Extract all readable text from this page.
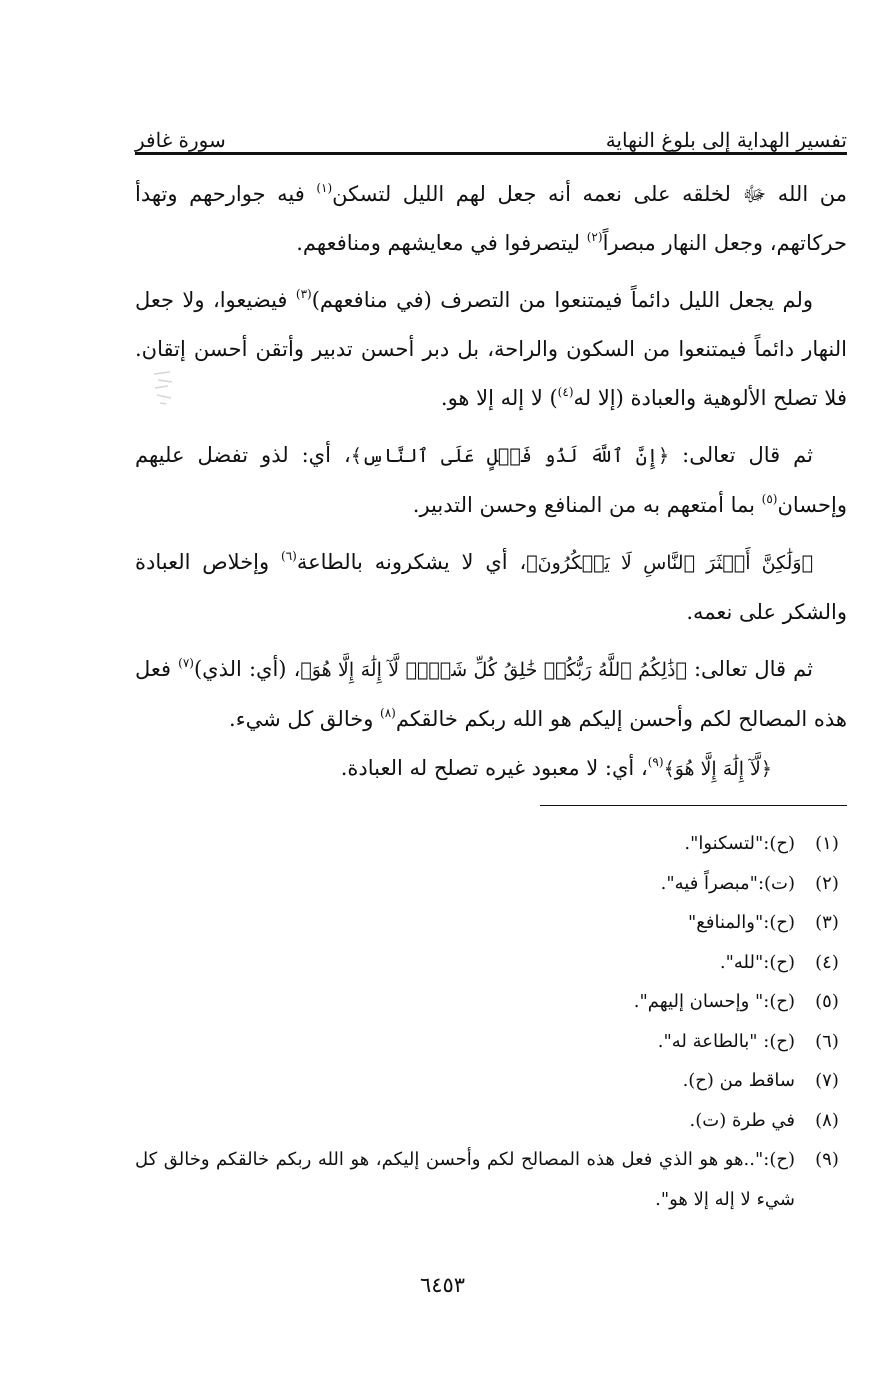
تفسير الهداية إلى بلوغ النهاية
سورة غافر

من الله ﷻ لخلقه على نعمه أنه جعل لهم الليل لتسكن$^{(١)}$ فيه جوارحهم وتهدأ حركاتهم، وجعل النهار مبصراً$^{(٢)}$ ليتصرفوا في معايشهم ومنافعهم.

ولم يجعل الليل دائماً فيمتنعوا من التصرف (في منافعهم)$^{(٣)}$ فيضيعوا، ولا جعل النهار دائماً فيمتنعوا من السكون والراحة، بل دبر أحسن تدبير وأتقن أحسن إتقان. فلا تصلح الألوهية والعبادة (إلا له$^{(٤)}$) لا إله إلا هو.

ثم قال تعالى: ﴿إِنَّ ٱللَّهَ لَذُو فَضۡلٍ عَلَى ٱلنَّاسِ﴾، أي: لذو تفضل عليهم وإحسان$^{(٥)}$ بما أمتعهم به من المنافع وحسن التدبير.

﴿وَلَٰكِنَّ أَكۡثَرَ ٱلنَّاسِ لَا يَشۡكُرُونَ﴾، أي لا يشكرونه بالطاعة$^{(٦)}$ وإخلاص العبادة والشكر على نعمه.

ثم قال تعالى: ﴿ذَٰلِكُمُ ٱللَّهُ رَبُّكُمۡ خَٰلِقُ كُلِّ شَيۡءٖ لَّآ إِلَٰهَ إِلَّا هُوَ﴾، (أي: الذي)$^{(٧)}$ فعل هذه المصالح لكم وأحسن إليكم هو الله ربكم خالقكم$^{(٨)}$ وخالق كل شيء.

﴿لَّآ إِلَٰهَ إِلَّا هُوَ﴾$^{(٩)}$، أي: لا معبود غيره تصلح له العبادة.

(١)
(ح):"لتسكنوا".
(٢)
(ت):"مبصراً فيه".
(٣)
(ح):"والمنافع"
(٤)
(ح):"لله".
(٥)
(ح):" وإحسان إليهم".
(٦)
(ح): "بالطاعة له".
(٧)
ساقط من (ح).
(٨)
في طرة (ت).
(٩)
(ح):"..هو هو الذي فعل هذه المصالح لكم وأحسن إليكم، هو الله ربكم خالقكم وخالق كل شيء لا إله إلا هو".
٦٤٥٣
